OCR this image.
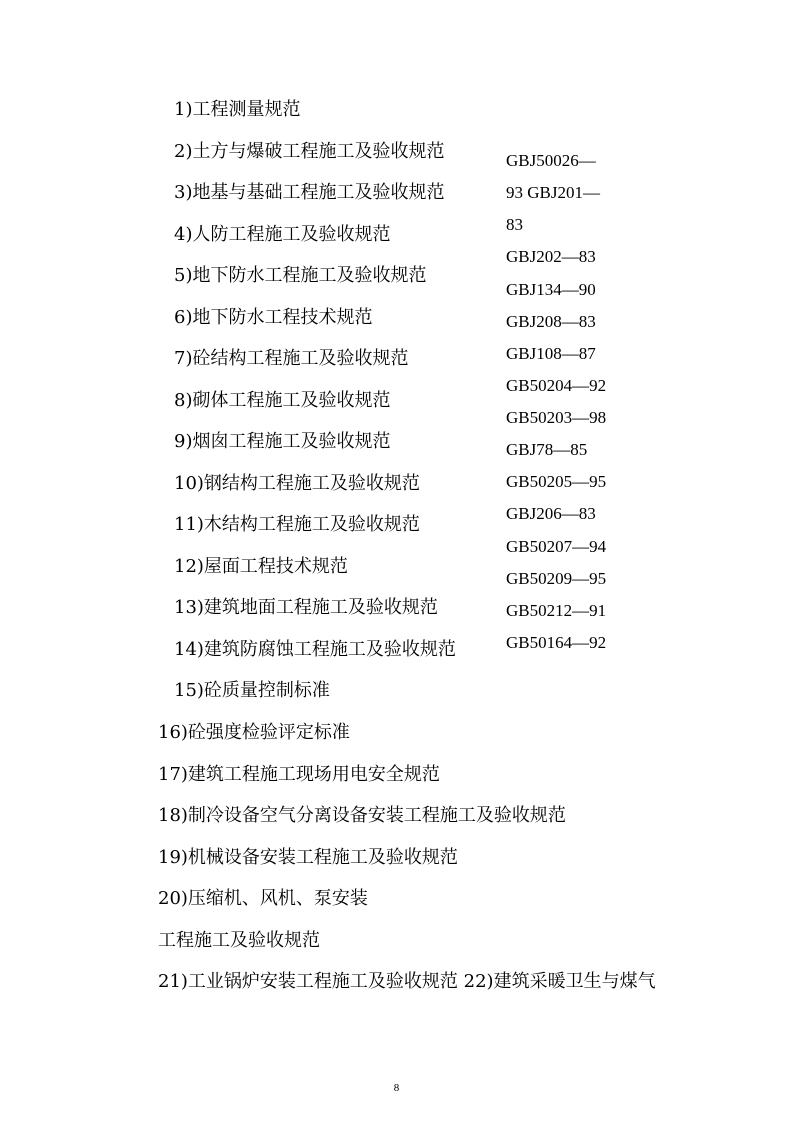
1)工程测量规范
2)土方与爆破工程施工及验收规范
3)地基与基础工程施工及验收规范
4)人防工程施工及验收规范
5)地下防水工程施工及验收规范
6)地下防水工程技术规范
7)砼结构工程施工及验收规范
8)砌体工程施工及验收规范
9)烟囱工程施工及验收规范
10)钢结构工程施工及验收规范
11)木结构工程施工及验收规范
12)屋面工程技术规范
13)建筑地面工程施工及验收规范
14)建筑防腐蚀工程施工及验收规范
15)砼质量控制标准
16)砼强度检验评定标准
17)建筑工程施工现场用电安全规范
18)制冷设备空气分离设备安装工程施工及验收规范
19)机械设备安装工程施工及验收规范
20)压缩机、风机、泵安装
工程施工及验收规范
21)工业锅炉安装工程施工及验收规范 22)建筑采暖卫生与煤气
GBJ50026—
93 GBJ201—
83
GBJ202—83
GBJ134—90
GBJ208—83
GBJ108—87
GB50204—92
GB50203—98
GBJ78—85
GB50205—95
GBJ206—83
GB50207—94
GB50209—95
GB50212—91
GB50164—92
8
